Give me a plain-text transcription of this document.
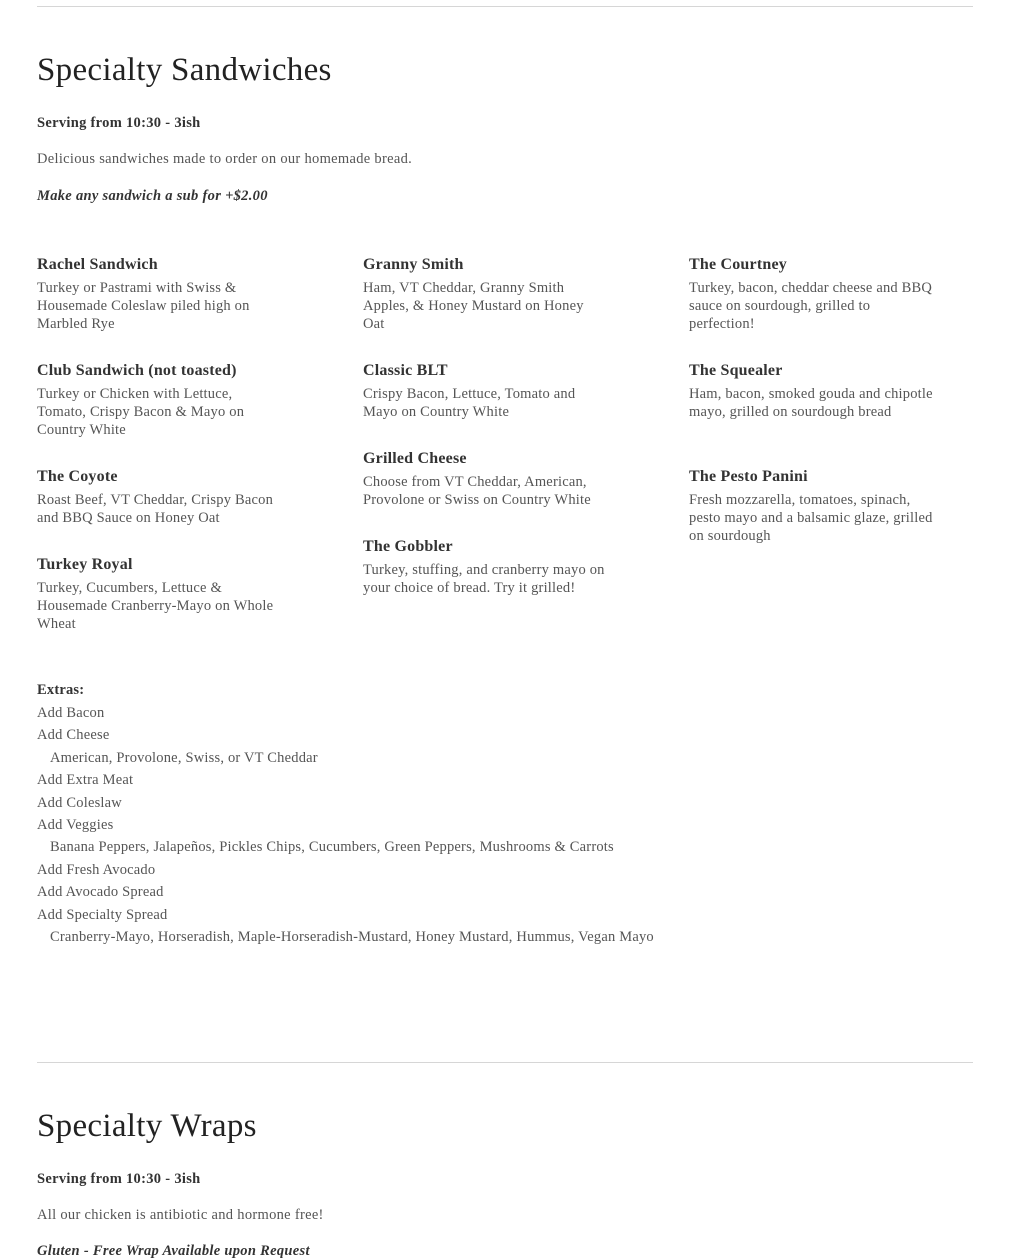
Specialty Sandwiches
Serving from 10:30 - 3ish
Delicious sandwiches made to order on our homemade bread.
Make any sandwich a sub for +$2.00
Rachel Sandwich
Turkey or Pastrami with Swiss & Housemade Coleslaw piled high on Marbled Rye
Club Sandwich (not toasted)
Turkey or Chicken with Lettuce, Tomato, Crispy Bacon & Mayo on Country White
The Coyote
Roast Beef, VT Cheddar, Crispy Bacon and BBQ Sauce on Honey Oat
Turkey Royal
Turkey, Cucumbers, Lettuce & Housemade Cranberry-Mayo on Whole Wheat
Granny Smith
Ham, VT Cheddar, Granny Smith Apples, & Honey Mustard on Honey Oat
Classic BLT
Crispy Bacon, Lettuce, Tomato and Mayo on Country White
Grilled Cheese
Choose from VT Cheddar, American, Provolone or Swiss on Country White
The Gobbler
Turkey, stuffing, and cranberry mayo on your choice of bread. Try it grilled!
The Courtney
Turkey, bacon, cheddar cheese and BBQ sauce on sourdough, grilled to perfection!
The Squealer
Ham, bacon, smoked gouda and chipotle mayo, grilled on sourdough bread
The Pesto Panini
Fresh mozzarella, tomatoes, spinach, pesto mayo and a balsamic glaze, grilled on sourdough
Extras:
Add Bacon
Add Cheese
American, Provolone, Swiss, or VT Cheddar
Add Extra Meat
Add Coleslaw
Add Veggies
Banana Peppers, Jalapeños, Pickles Chips, Cucumbers, Green Peppers, Mushrooms & Carrots
Add Fresh Avocado
Add Avocado Spread
Add Specialty Spread
Cranberry-Mayo, Horseradish, Maple-Horseradish-Mustard, Honey Mustard, Hummus, Vegan Mayo
Specialty Wraps
Serving from 10:30 - 3ish
All our chicken is antibiotic and hormone free!
Gluten - Free Wrap Available upon Request
